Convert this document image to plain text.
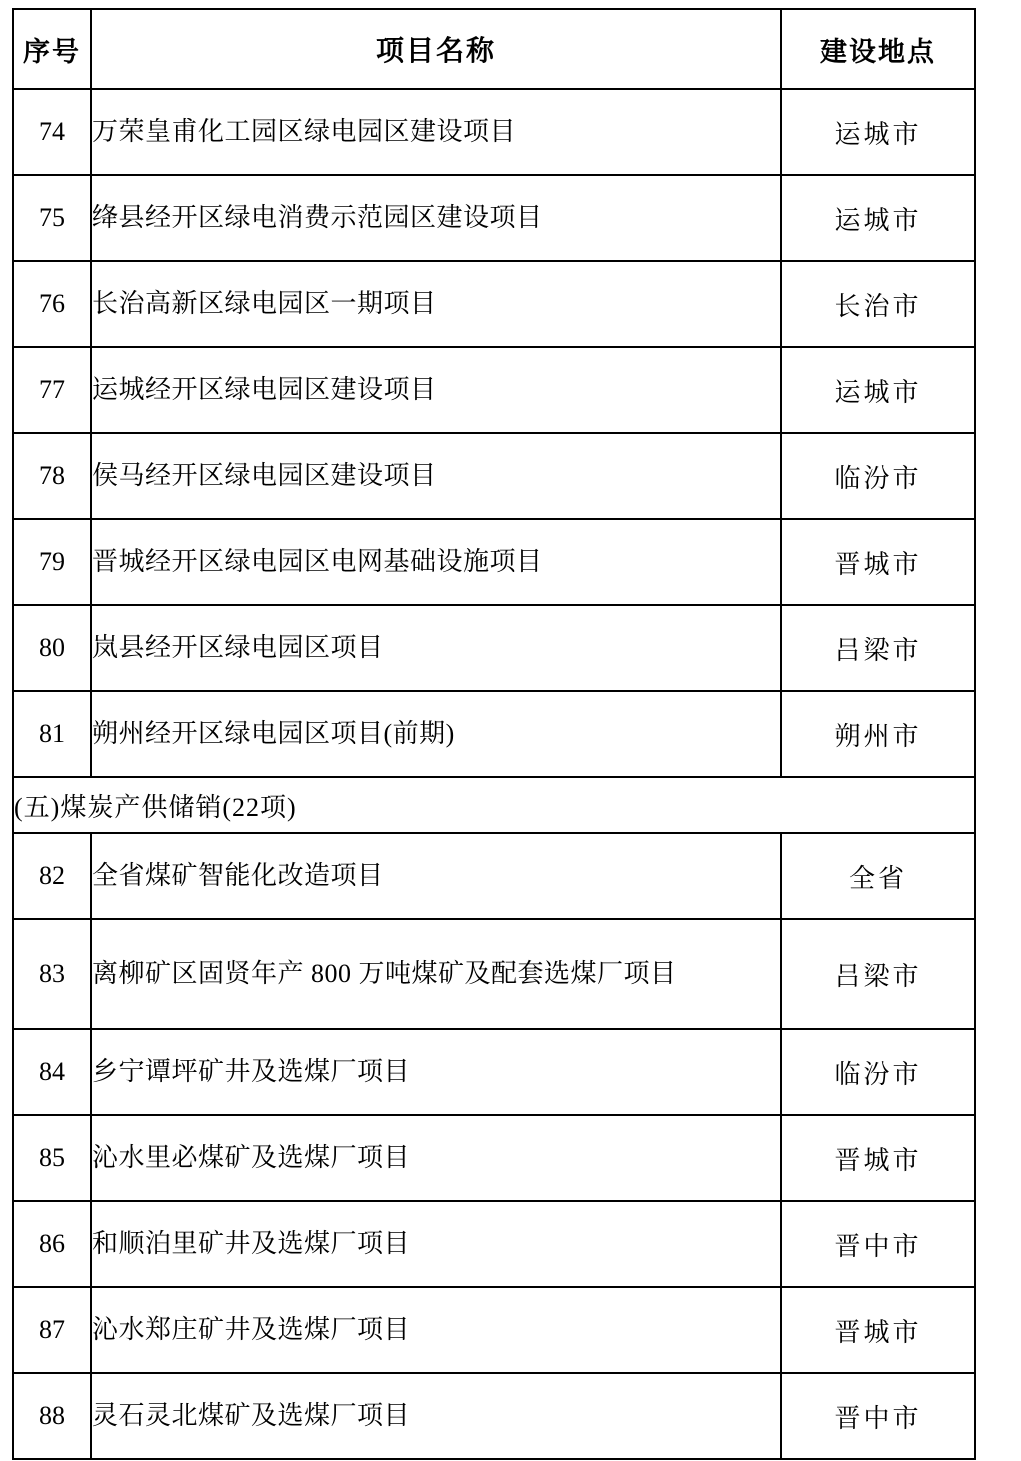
序号	项目名称	建设地点
74	万荣皇甫化工园区绿电园区建设项目	运城市
75	绛县经开区绿电消费示范园区建设项目	运城市
76	长治高新区绿电园区一期项目	长治市
77	运城经开区绿电园区建设项目	运城市
78	侯马经开区绿电园区建设项目	临汾市
79	晋城经开区绿电园区电网基础设施项目	晋城市
80	岚县经开区绿电园区项目	吕梁市
81	朔州经开区绿电园区项目(前期)	朔州市
(五)煤炭产供储销(22项)		
82	全省煤矿智能化改造项目	全省
83	离柳矿区固贤年产 800 万吨煤矿及配套选煤厂项目	吕梁市
84	乡宁谭坪矿井及选煤厂项目	临汾市
85	沁水里必煤矿及选煤厂项目	晋城市
86	和顺泊里矿井及选煤厂项目	晋中市
87	沁水郑庄矿井及选煤厂项目	晋城市
88	灵石灵北煤矿及选煤厂项目	晋中市
